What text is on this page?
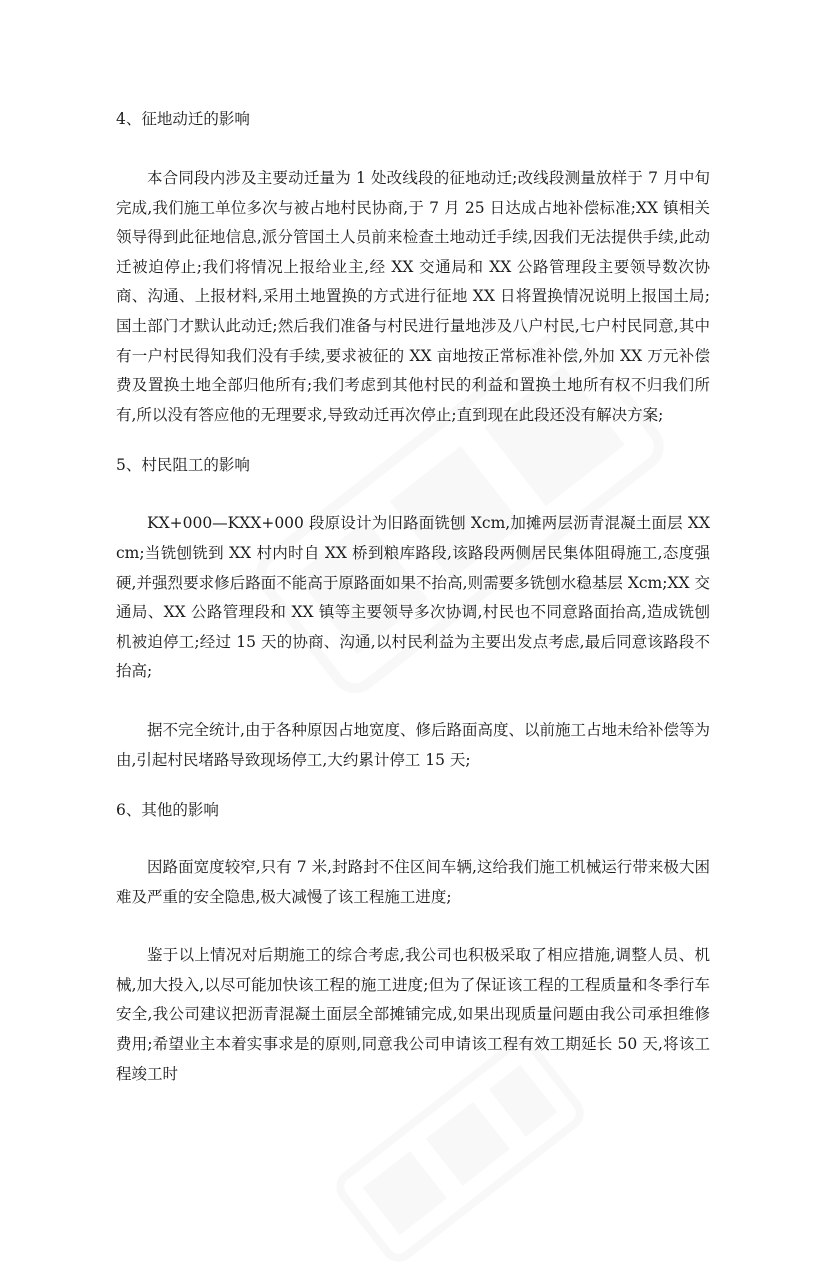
4、征地动迁的影响

本合同段内涉及主要动迁量为 1 处改线段的征地动迁;改线段测量放样于 7 月中旬完成,我们施工单位多次与被占地村民协商,于 7 月 25 日达成占地补偿标准;XX 镇相关领导得到此征地信息,派分管国土人员前来检查土地动迁手续,因我们无法提供手续,此动迁被迫停止;我们将情况上报给业主,经 XX 交通局和 XX 公路管理段主要领导数次协商、沟通、上报材料,采用土地置换的方式进行征地 XX 日将置换情况说明上报国土局;国土部门才默认此动迁;然后我们准备与村民进行量地涉及八户村民,七户村民同意,其中有一户村民得知我们没有手续,要求被征的 XX 亩地按正常标准补偿,外加 XX 万元补偿费及置换土地全部归他所有;我们考虑到其他村民的利益和置换土地所有权不归我们所有,所以没有答应他的无理要求,导致动迁再次停止;直到现在此段还没有解决方案;

5、村民阻工的影响

KX+000—KXX+000 段原设计为旧路面铣刨 Xcm,加摊两层沥青混凝土面层 XXcm;当铣刨铣到 XX 村内时自 XX 桥到粮库路段,该路段两侧居民集体阻碍施工,态度强硬,并强烈要求修后路面不能高于原路面如果不抬高,则需要多铣刨水稳基层 Xcm;XX 交通局、XX 公路管理段和 XX 镇等主要领导多次协调,村民也不同意路面抬高,造成铣刨机被迫停工;经过 15 天的协商、沟通,以村民利益为主要出发点考虑,最后同意该路段不抬高;

据不完全统计,由于各种原因占地宽度、修后路面高度、以前施工占地未给补偿等为由,引起村民堵路导致现场停工,大约累计停工 15 天;

6、其他的影响

因路面宽度较窄,只有 7 米,封路封不住区间车辆,这给我们施工机械运行带来极大困难及严重的安全隐患,极大减慢了该工程施工进度;

鉴于以上情况对后期施工的综合考虑,我公司也积极采取了相应措施,调整人员、机械,加大投入,以尽可能加快该工程的施工进度;但为了保证该工程的工程质量和冬季行车安全,我公司建议把沥青混凝土面层全部摊铺完成,如果出现质量问题由我公司承担维修费用;希望业主本着实事求是的原则,同意我公司申请该工程有效工期延长 50 天,将该工程竣工时
